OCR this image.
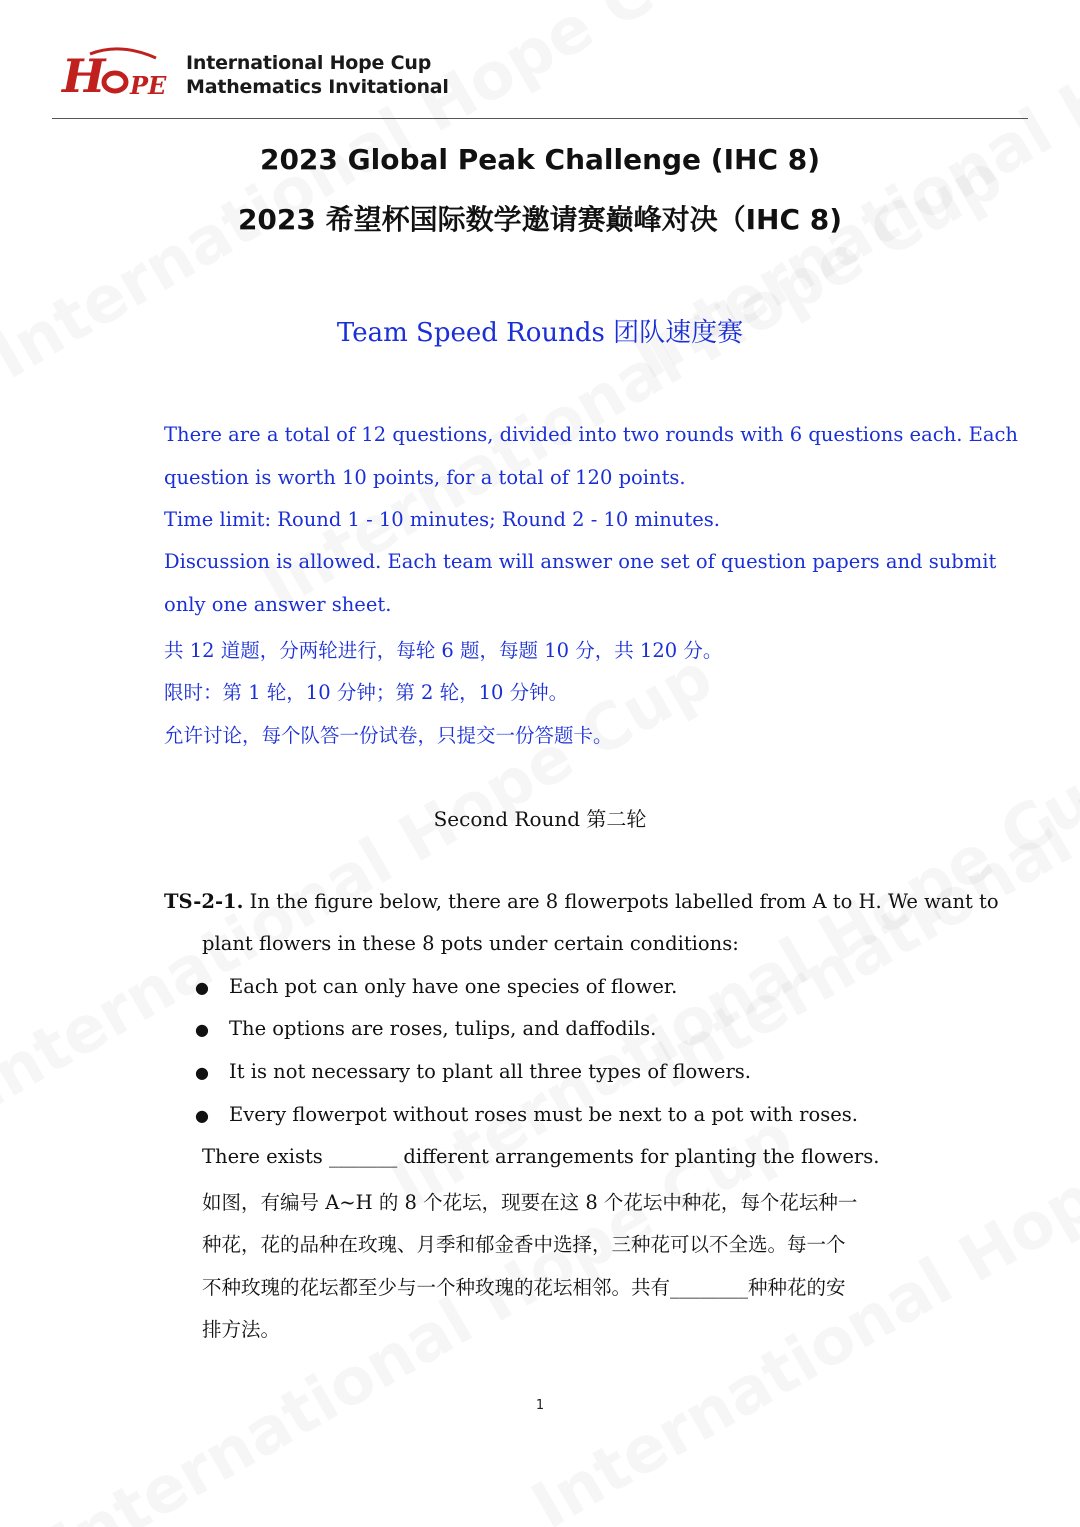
H PE
International Hope Cup
Mathematics Invitational
2023 Global Peak Challenge (IHC 8)
2023 希望杯国际数学邀请赛巅峰对决（IHC 8)
Team Speed Rounds 团队速度赛
There are a total of 12 questions, divided into two rounds with 6 questions each. Each
question is worth 10 points, for a total of 120 points.
Time limit: Round 1 - 10 minutes; Round 2 - 10 minutes.
Discussion is allowed. Each team will answer one set of question papers and submit
only one answer sheet.
共 12 道题，分两轮进行，每轮 6 题，每题 10 分，共 120 分。
限时：第 1 轮，10 分钟；第 2 轮，10 分钟。
允许讨论，每个队答一份试卷，只提交一份答题卡。
Second Round 第二轮
TS-2-1. In the figure below, there are 8 flowerpots labelled from A to H. We want to
plant flowers in these 8 pots under certain conditions:
● Each pot can only have one species of flower.
● The options are roses, tulips, and daffodils.
● It is not necessary to plant all three types of flowers.
● Every flowerpot without roses must be next to a pot with roses.
There exists _______ different arrangements for planting the flowers.
如图，有编号 A~H 的 8 个花坛，现要在这 8 个花坛中种花，每个花坛种一
种花，花的品种在玫瑰、月季和郁金香中选择，三种花可以不全选。每一个
不种玫瑰的花坛都至少与一个种玫瑰的花坛相邻。共有________种种花的安
排方法。
1
